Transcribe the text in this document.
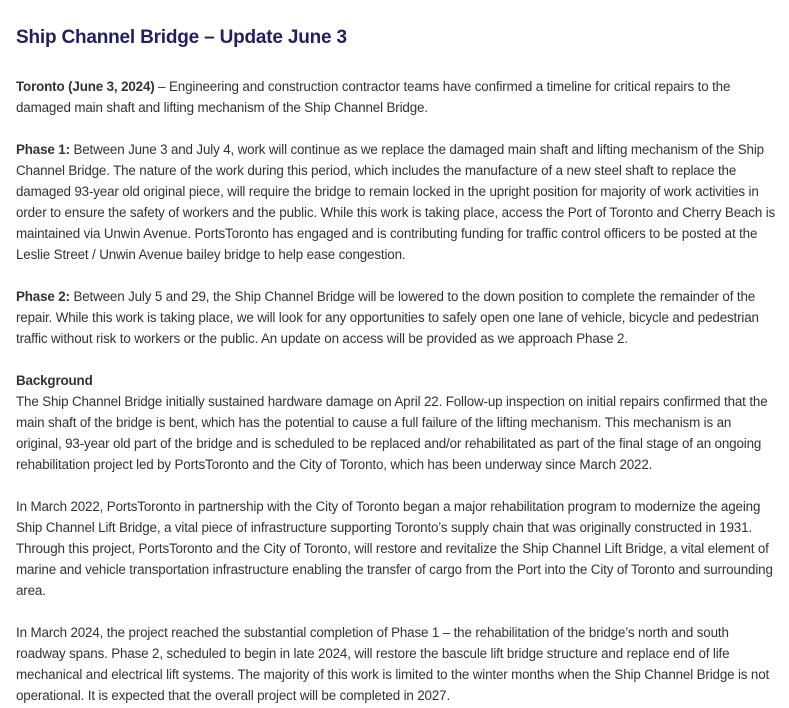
Ship Channel Bridge – Update June 3

Toronto (June 3, 2024) – Engineering and construction contractor teams have confirmed a timeline for critical repairs to the damaged main shaft and lifting mechanism of the Ship Channel Bridge.

Phase 1: Between June 3 and July 4, work will continue as we replace the damaged main shaft and lifting mechanism of the Ship Channel Bridge. The nature of the work during this period, which includes the manufacture of a new steel shaft to replace the damaged 93-year old original piece, will require the bridge to remain locked in the upright position for majority of work activities in order to ensure the safety of workers and the public. While this work is taking place, access the Port of Toronto and Cherry Beach is maintained via Unwin Avenue. PortsToronto has engaged and is contributing funding for traffic control officers to be posted at the Leslie Street / Unwin Avenue bailey bridge to help ease congestion.

Phase 2: Between July 5 and 29, the Ship Channel Bridge will be lowered to the down position to complete the remainder of the repair. While this work is taking place, we will look for any opportunities to safely open one lane of vehicle, bicycle and pedestrian traffic without risk to workers or the public. An update on access will be provided as we approach Phase 2.

Background
The Ship Channel Bridge initially sustained hardware damage on April 22. Follow-up inspection on initial repairs confirmed that the main shaft of the bridge is bent, which has the potential to cause a full failure of the lifting mechanism. This mechanism is an original, 93-year old part of the bridge and is scheduled to be replaced and/or rehabilitated as part of the final stage of an ongoing rehabilitation project led by PortsToronto and the City of Toronto, which has been underway since March 2022.

In March 2022, PortsToronto in partnership with the City of Toronto began a major rehabilitation program to modernize the ageing Ship Channel Lift Bridge, a vital piece of infrastructure supporting Toronto’s supply chain that was originally constructed in 1931. Through this project, PortsToronto and the City of Toronto, will restore and revitalize the Ship Channel Lift Bridge, a vital element of marine and vehicle transportation infrastructure enabling the transfer of cargo from the Port into the City of Toronto and surrounding area.

In March 2024, the project reached the substantial completion of Phase 1 – the rehabilitation of the bridge’s north and south roadway spans. Phase 2, scheduled to begin in late 2024, will restore the bascule lift bridge structure and replace end of life mechanical and electrical lift systems. The majority of this work is limited to the winter months when the Ship Channel Bridge is not operational. It is expected that the overall project will be completed in 2027.
